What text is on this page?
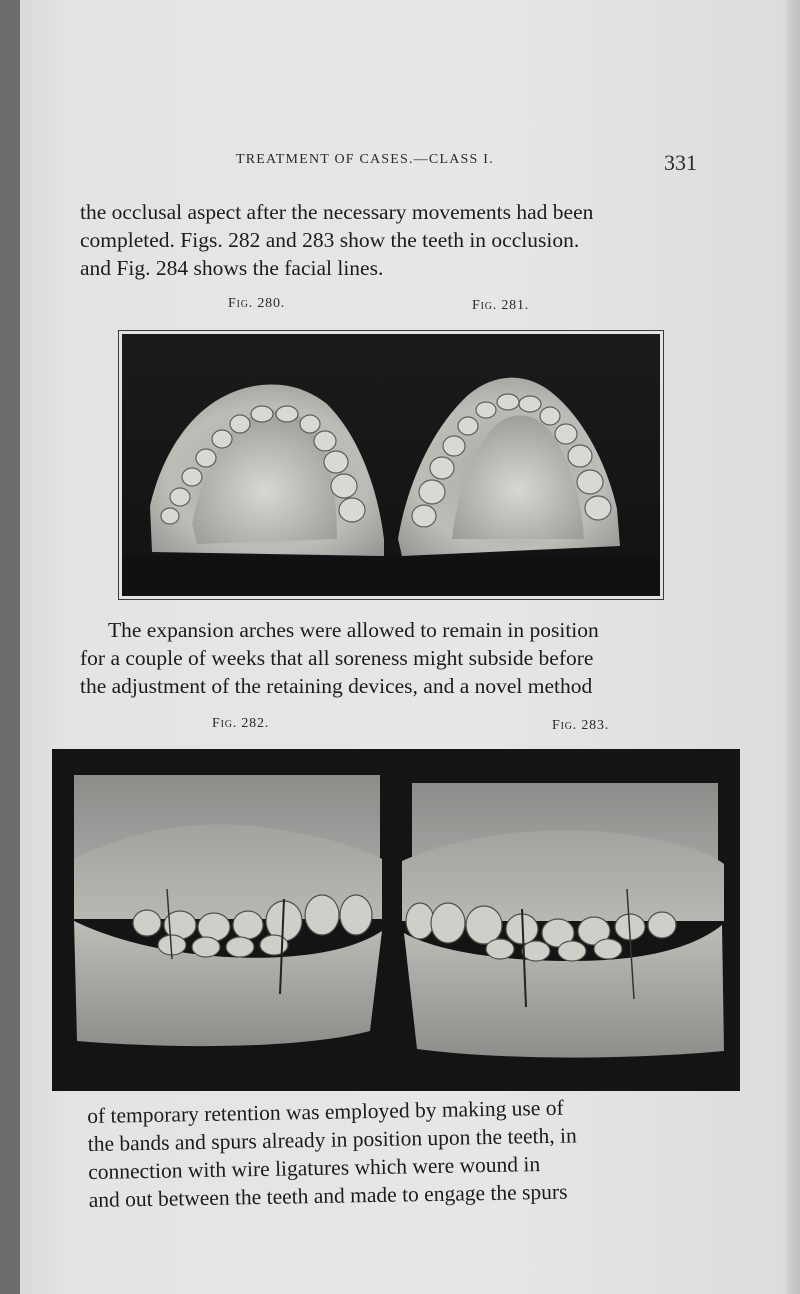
TREATMENT OF CASES.—CLASS I.	331
the occlusal aspect after the necessary movements had been
completed. Figs. 282 and 283 show the teeth in occlusion.
and Fig. 284 shows the facial lines.
Fig. 280.	Fig. 281.
The expansion arches were allowed to remain in position
for a couple of weeks that all soreness might subside before
the adjustment of the retaining devices, and a novel method
Fig. 282.	Fig. 283.
of temporary retention was employed by making use of
the bands and spurs already in position upon the teeth, in
connection with wire ligatures which were wound in
and out between the teeth and made to engage the spurs
